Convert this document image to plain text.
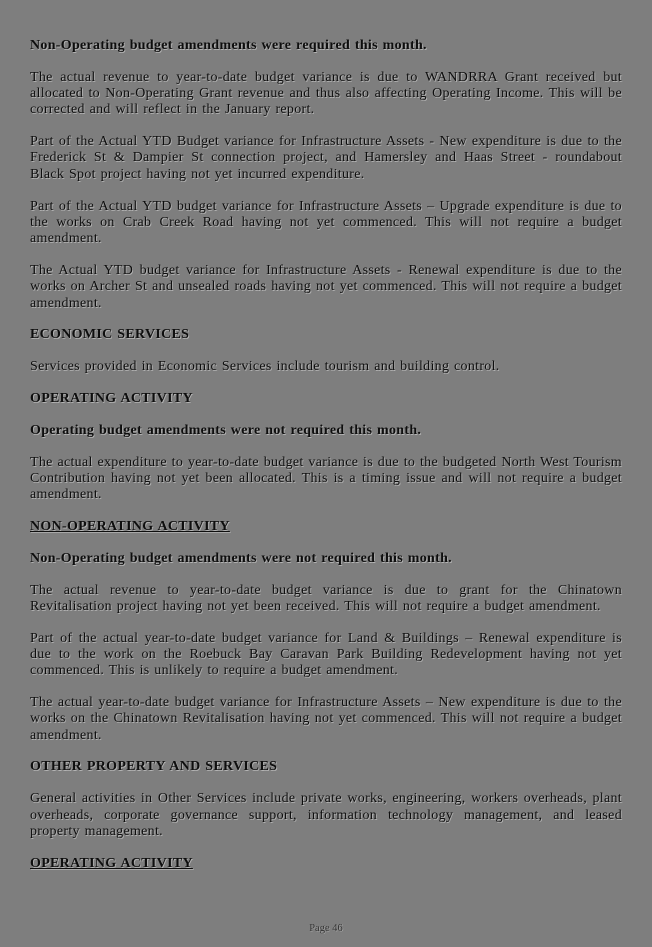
Non-Operating budget amendments were required this month.

The actual revenue to year-to-date budget variance is due to WANDRRA Grant received but allocated to Non-Operating Grant revenue and thus also affecting Operating Income. This will be corrected and will reflect in the January report.

Part of the Actual YTD Budget variance for Infrastructure Assets - New expenditure is due to the Frederick St & Dampier St connection project, and Hamersley and Haas Street - roundabout Black Spot project having not yet incurred expenditure.

Part of the Actual YTD budget variance for Infrastructure Assets – Upgrade expenditure is due to the works on Crab Creek Road having not yet commenced. This will not require a budget amendment.

The Actual YTD budget variance for Infrastructure Assets - Renewal expenditure is due to the works on Archer St and unsealed roads having not yet commenced. This will not require a budget amendment.

ECONOMIC SERVICES

Services provided in Economic Services include tourism and building control.

OPERATING ACTIVITY

Operating budget amendments were not required this month.

The actual expenditure to year-to-date budget variance is due to the budgeted North West Tourism Contribution having not yet been allocated. This is a timing issue and will not require a budget amendment.

NON-OPERATING ACTIVITY

Non-Operating budget amendments were not required this month.

The actual revenue to year-to-date budget variance is due to grant for the Chinatown Revitalisation project having not yet been received. This will not require a budget amendment.

Part of the actual year-to-date budget variance for Land & Buildings – Renewal expenditure is due to the work on the Roebuck Bay Caravan Park Building Redevelopment having not yet commenced. This is unlikely to require a budget amendment.

The actual year-to-date budget variance for Infrastructure Assets – New expenditure is due to the works on the Chinatown Revitalisation having not yet commenced. This will not require a budget amendment.

OTHER PROPERTY AND SERVICES

General activities in Other Services include private works, engineering, workers overheads, plant overheads, corporate governance support, information technology management, and leased property management.

OPERATING ACTIVITY
Page 46
